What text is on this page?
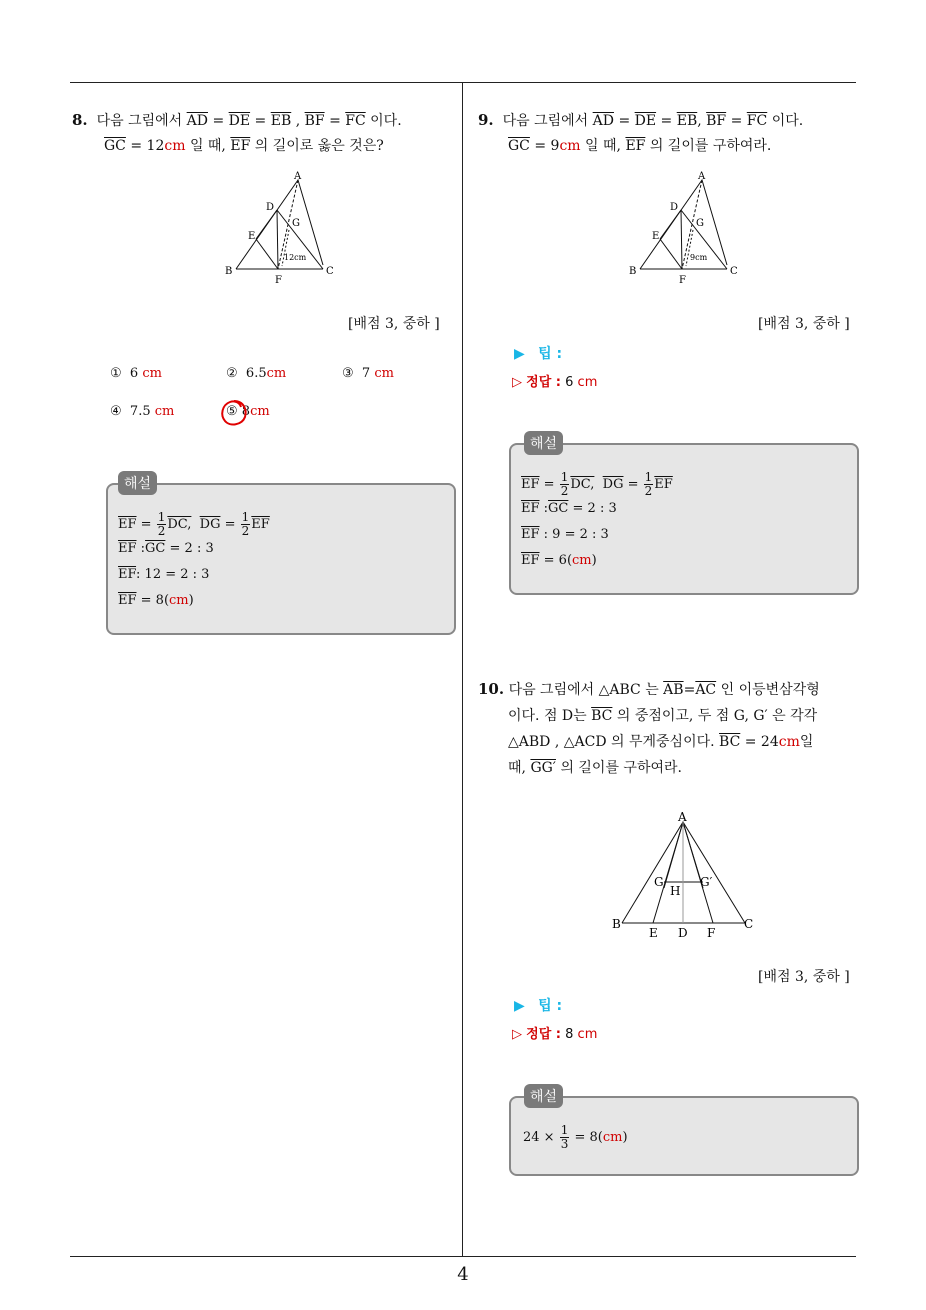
4
8. 다음 그림에서 $\overline{AD} = \overline{DE} = \overline{EB}$ , $\overline{BF} = \overline{FC}$ 이다.
$\overline{GC} = 12cm$ 일 때, $\overline{EF}$ 의 길이로 옳은 것은?
A
D
G
E
12cm
B	C
F
[배점 3, 중하 ]
① 6 cm	② 6.5cm	③ 7 cm
④ 7.5 cm	⑤ 8cm
$\overline{EF} = \frac{1}{2}$ DC, $\overline{DG} = \frac{1}{2} \overline{EF}$
$\overline{EF}$ $:\overline{GC} = 2$ : 3
$\overline{EF}$: 12 = 2 : 3
$\overline{EF} = 8(cm)$
해설
9. 다음 그림에서 $\overline{AD} = \overline{DE} = \overline{EB}$, $\overline{BF} = \overline{FC}$ 이다.
$\overline{GC} = 9cm$ 일 때, $\overline{EF}$ 의 길이를 구하여라.
A
D
G
E
9cm
B	C
F
[배점 3, 중하 ]
▶ 팁 :
▷ 정답 : 6 cm
$\overline{EF} = \frac{1}{2}$ DC, $\overline{DG} = \frac{1}{2} \overline{EF}$
$\overline{EF}$ $:\overline{GC} = 2$ : 3
$\overline{EF}$ : 9 = 2 : 3
$\overline{EF} = 6(cm)$
해설
10. 다음 그림에서 △ABC 는 $\overline{AB}=\overline{AC}$ 인 이등변삼각형
이다. 점 D는 $\overline{BC}$ 의 중점이고, 두 점 G, G′ 은 각각
△ABD , △ACD 의 무게중심이다. $\overline{BC} = 24cm$일
때, GG′ 의 길이를 구하여라.
A
G	G′
H
B	C
E D F
[배점 3, 중하 ]
▶ 팁 :
▷ 정답 : 8 cm
$24 \times \frac{1}{3} = 8(cm)$
해설
